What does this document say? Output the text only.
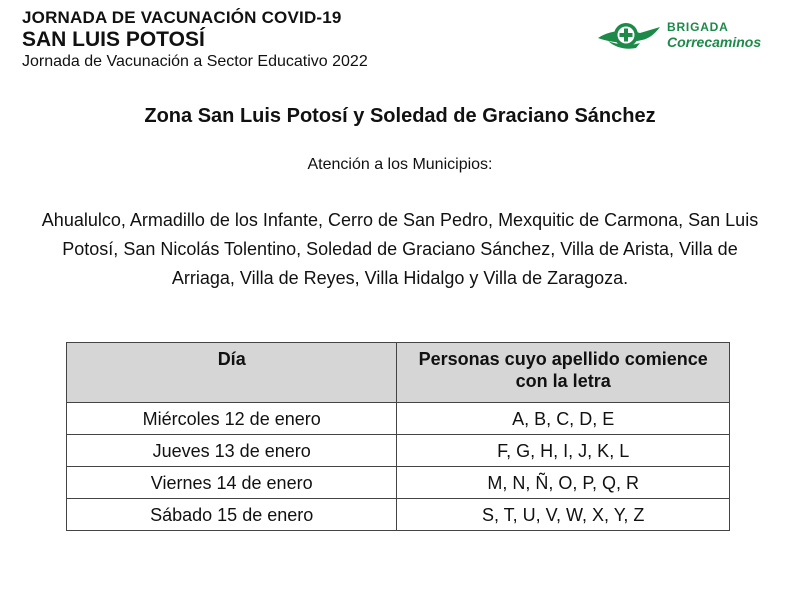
JORNADA DE VACUNACIÓN COVID-19
SAN LUIS POTOSÍ
Jornada de Vacunación a Sector Educativo 2022
BRIGADA
Correcaminos
Zona San Luis Potosí y Soledad de Graciano Sánchez
Atención a los Municipios:
Ahualulco, Armadillo de los Infante, Cerro de San Pedro, Mexquitic de Carmona, San Luis Potosí, San Nicolás Tolentino, Soledad de Graciano Sánchez, Villa de Arista, Villa de Arriaga, Villa de Reyes, Villa Hidalgo y Villa de Zaragoza.
Día	Personas cuyo apellido comience con la letra
Miércoles 12 de enero	A, B, C, D, E
Jueves 13 de enero	F, G, H, I, J, K, L
Viernes 14 de enero	M, N, Ñ, O, P, Q, R
Sábado 15 de enero	S, T, U, V, W, X, Y, Z
